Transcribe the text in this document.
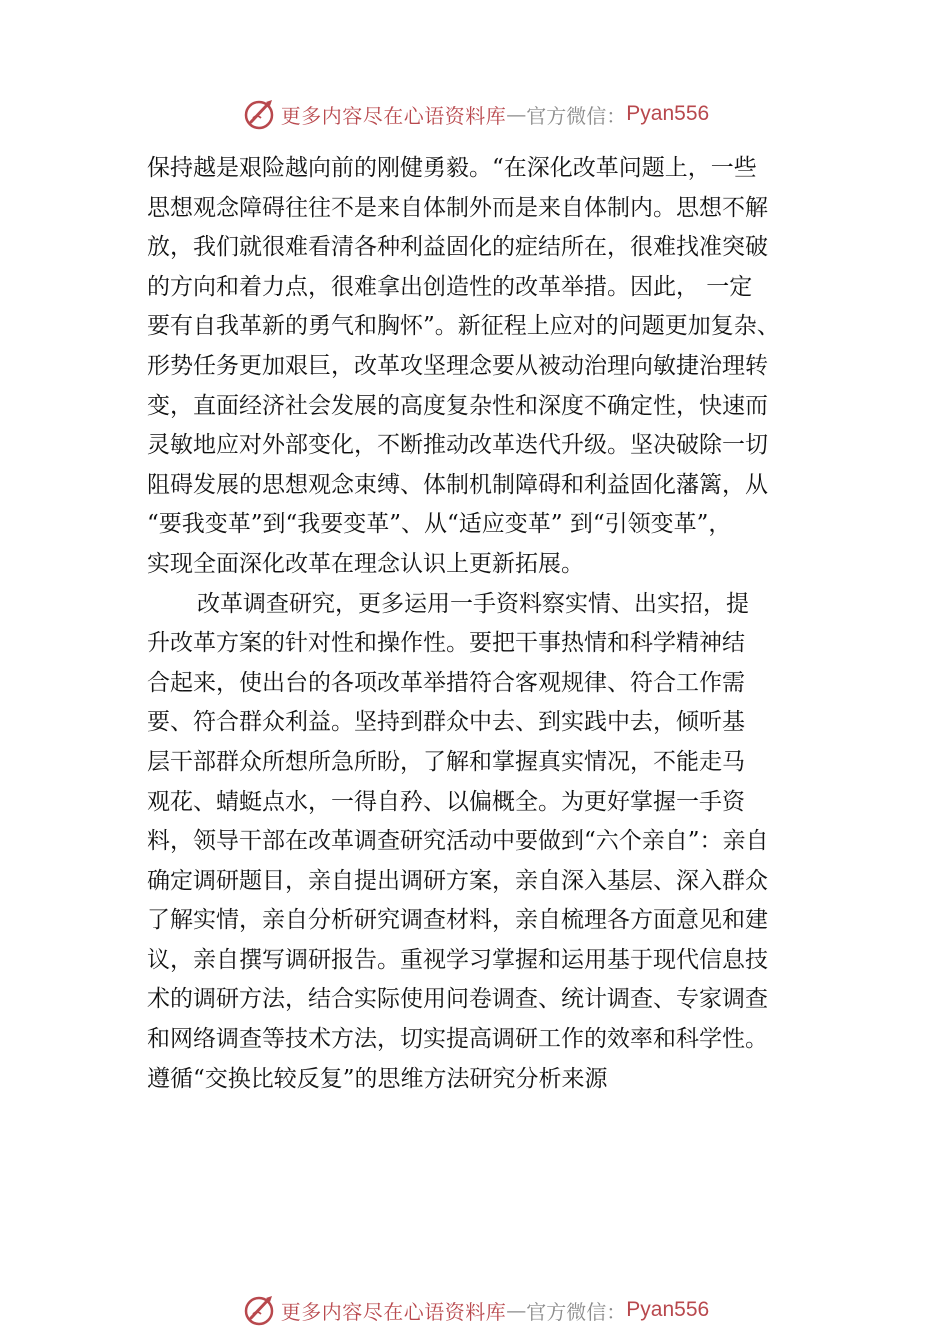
更多内容尽在心语资料库 — 官方微信： Pyan556
保持越是艰险越向前的刚健勇毅。“在深化改革问题上，一些
思想观念障碍往往不是来自体制外而是来自体制内。思想不解
放，我们就很难看清各种利益固化的症结所在，很难找准突破
的方向和着力点，很难拿出创造性的改革举措。因此， 一定
要有自我革新的勇气和胸怀”。新征程上应对的问题更加复杂、
形势任务更加艰巨，改革攻坚理念要从被动治理向敏捷治理转
变，直面经济社会发展的高度复杂性和深度不确定性，快速而
灵敏地应对外部变化，不断推动改革迭代升级。坚决破除一切
阻碍发展的思想观念束缚、体制机制障碍和利益固化藩篱，从
“要我变革”到“我要变革”、从“适应变革” 到“引领变革”，
实现全面深化改革在理念认识上更新拓展。
改革调查研究，更多运用一手资料察实情、出实招，提
升改革方案的针对性和操作性。要把干事热情和科学精神结
合起来，使出台的各项改革举措符合客观规律、符合工作需
要、符合群众利益。坚持到群众中去、到实践中去，倾听基
层干部群众所想所急所盼，了解和掌握真实情况，不能走马
观花、蜻蜓点水，一得自矜、以偏概全。为更好掌握一手资
料，领导干部在改革调查研究活动中要做到“六个亲自”：亲自
确定调研题目，亲自提出调研方案，亲自深入基层、深入群众
了解实情，亲自分析研究调查材料，亲自梳理各方面意见和建
议，亲自撰写调研报告。重视学习掌握和运用基于现代信息技
术的调研方法，结合实际使用问卷调查、统计调查、专家调查
和网络调查等技术方法，切实提高调研工作的效率和科学性。
遵循“交换比较反复”的思维方法研究分析来源
更多内容尽在心语资料库 — 官方微信： Pyan556
